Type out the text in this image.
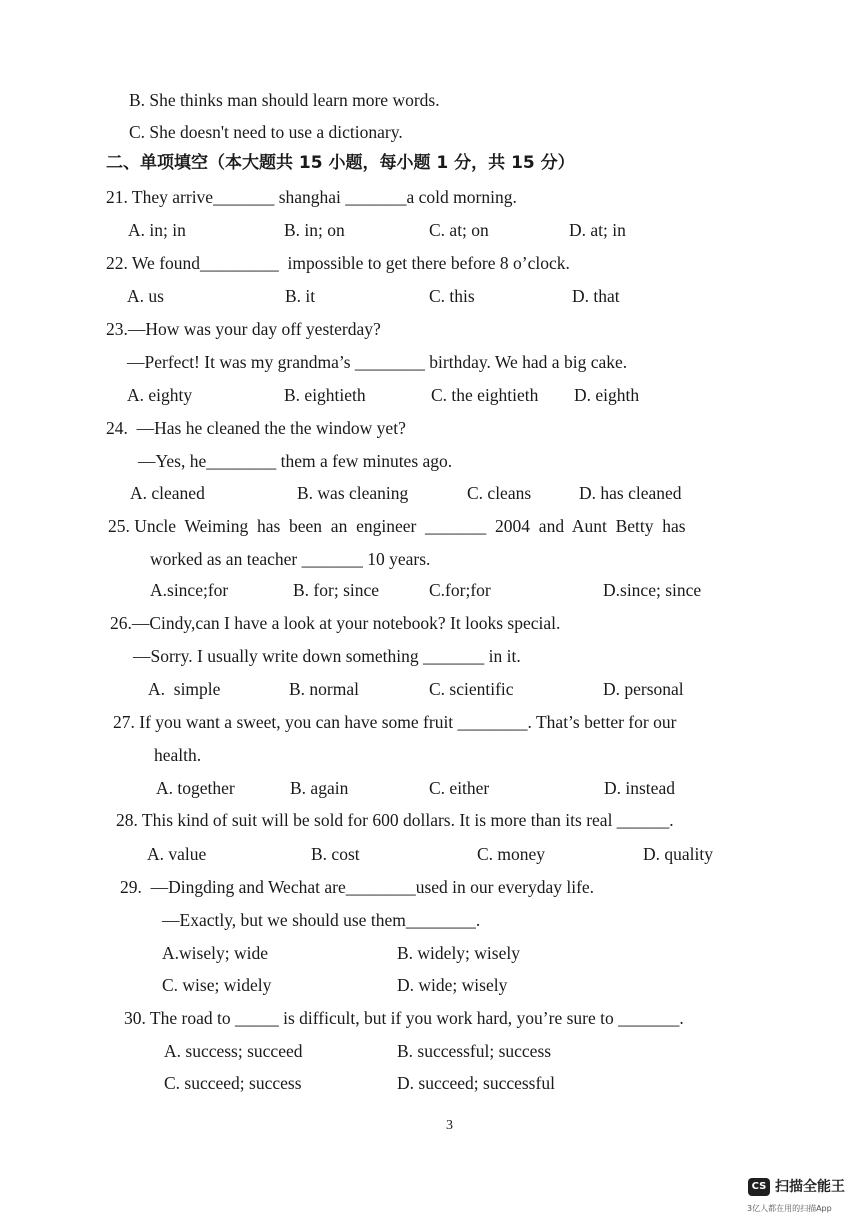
B. She thinks man should learn more words.
C. She doesn't need to use a dictionary.
二、单项填空（本大题共 15 小题，每小题 1 分，共 15 分）
21. They arrive_______ shanghai _______a cold morning.
A. in; in	B. in; on	C. at; on	D. at; in
22. We found_________  impossible to get there before 8 o’clock.
A. us	B. it	C. this	D. that
23.—How was your day off yesterday?
—Perfect! It was my grandma’s ________ birthday. We had a big cake.
A. eighty	B. eightieth	C. the eightieth D. eighth
24.  —Has he cleaned the the window yet?
—Yes, he________ them a few minutes ago.
A. cleaned	B. was cleaning	C. cleans	D. has cleaned
25. Uncle  Weiming  has  been  an  engineer  _______  2004  and  Aunt  Betty  has
worked as an teacher _______ 10 years.
A.since;for	B. for; since	C.for;for	D.since; since
26.—Cindy,can I have a look at your notebook? It looks special.
—Sorry. I usually write down something _______ in it.
A.  simple	B. normal	C. scientific	D. personal
27. If you want a sweet, you can have some fruit ________. That’s better for our
health.
A. together	B. again	C. either	D. instead
28. This kind of suit will be sold for 600 dollars. It is more than its real ______.
A. value	B. cost	C. money	D. quality
29.  —Dingding and Wechat are________used in our everyday life.
—Exactly, but we should use them________.
A.wisely; wide	B. widely; wisely
C. wise; widely	D. wide; wisely
30. The road to _____ is difficult, but if you work hard, you’re sure to _______.
A. success; succeed	B. successful; success
C. succeed; success	D. succeed; successful
3
CS 扫描全能王
3亿人都在用的扫描App
